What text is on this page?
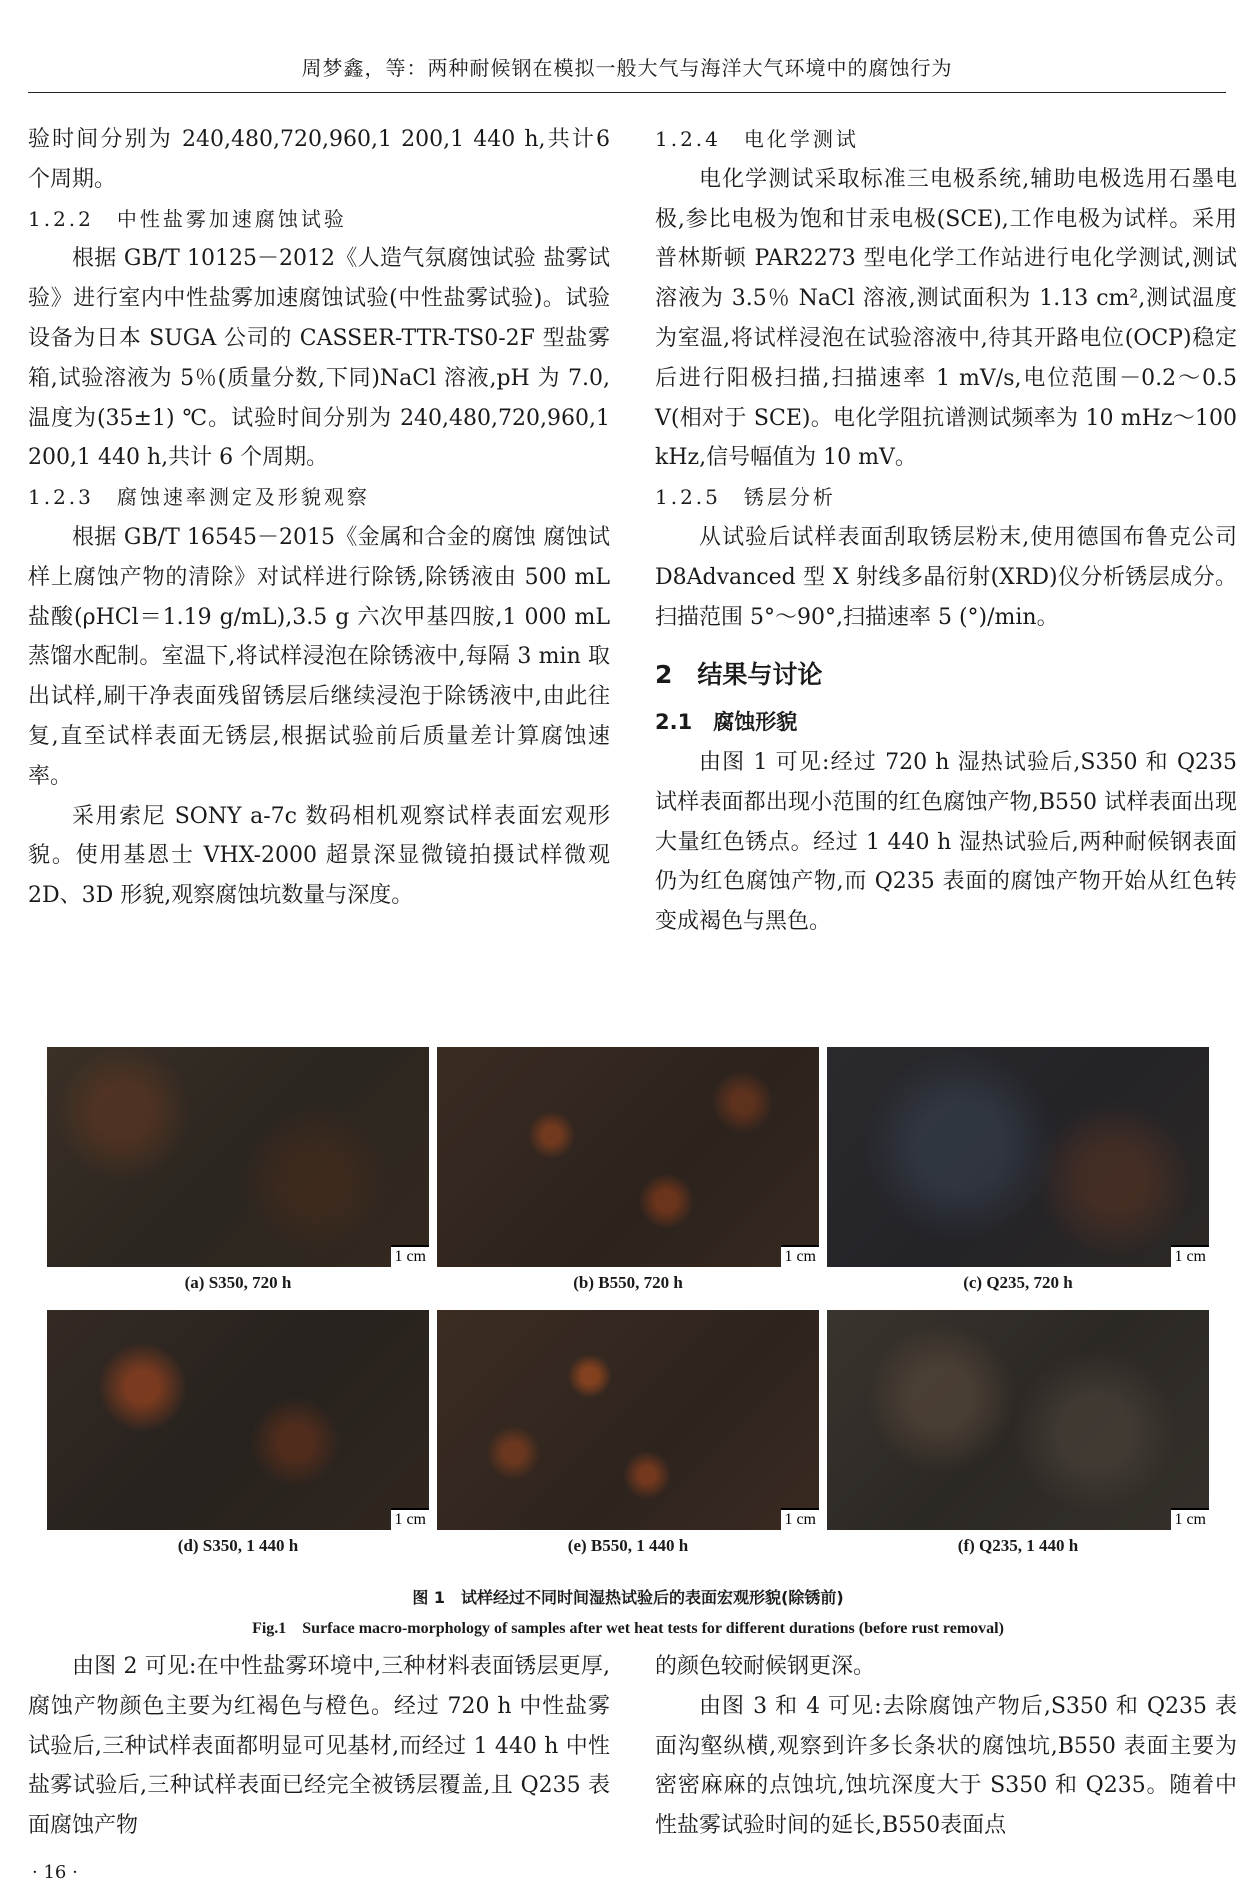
周梦鑫，等：两种耐候钢在模拟一般大气与海洋大气环境中的腐蚀行为

验时间分别为 240,480,720,960,1 200,1 440 h,共计6 个周期。

1.2.2　中性盐雾加速腐蚀试验

根据 GB/T 10125－2012《人造气氛腐蚀试验 盐雾试验》进行室内中性盐雾加速腐蚀试验(中性盐雾试验)。试验设备为日本 SUGA 公司的 CASSER-TTR-TS0-2F 型盐雾箱,试验溶液为 5％(质量分数,下同)NaCl 溶液,pH 为 7.0,温度为(35±1) ℃。试验时间分别为 240,480,720,960,1 200,1 440 h,共计 6 个周期。

1.2.3　腐蚀速率测定及形貌观察

根据 GB/T 16545－2015《金属和合金的腐蚀 腐蚀试样上腐蚀产物的清除》对试样进行除锈,除锈液由 500 mL 盐酸(ρHCl＝1.19 g/mL),3.5 g 六次甲基四胺,1 000 mL 蒸馏水配制。室温下,将试样浸泡在除锈液中,每隔 3 min 取出试样,刷干净表面残留锈层后继续浸泡于除锈液中,由此往复,直至试样表面无锈层,根据试验前后质量差计算腐蚀速率。

采用索尼 SONY a-7c 数码相机观察试样表面宏观形貌。使用基恩士 VHX-2000 超景深显微镜拍摄试样微观 2D、3D 形貌,观察腐蚀坑数量与深度。

1.2.4　电化学测试

电化学测试采取标准三电极系统,辅助电极选用石墨电极,参比电极为饱和甘汞电极(SCE),工作电极为试样。采用普林斯顿 PAR2273 型电化学工作站进行电化学测试,测试溶液为 3.5％ NaCl 溶液,测试面积为 1.13 cm²,测试温度为室温,将试样浸泡在试验溶液中,待其开路电位(OCP)稳定后进行阳极扫描,扫描速率 1 mV/s,电位范围－0.2～0.5 V(相对于 SCE)。电化学阻抗谱测试频率为 10 mHz～100 kHz,信号幅值为 10 mV。

1.2.5　锈层分析

从试验后试样表面刮取锈层粉末,使用德国布鲁克公司 D8Advanced 型 X 射线多晶衍射(XRD)仪分析锈层成分。扫描范围 5°～90°,扫描速率 5 (°)/min。

2　结果与讨论

2.1　腐蚀形貌

由图 1 可见:经过 720 h 湿热试验后,S350 和 Q235 试样表面都出现小范围的红色腐蚀产物,B550 试样表面出现大量红色锈点。经过 1 440 h 湿热试验后,两种耐候钢表面仍为红色腐蚀产物,而 Q235 表面的腐蚀产物开始从红色转变成褐色与黑色。

1 cm
(a) S350, 720 h
1 cm
(b) B550, 720 h
1 cm
(c) Q235, 720 h
1 cm
(d) S350, 1 440 h
1 cm
(e) B550, 1 440 h
1 cm
(f) Q235, 1 440 h
图 1　试样经过不同时间湿热试验后的表面宏观形貌(除锈前)
Fig.1　Surface macro-morphology of samples after wet heat tests for different durations (before rust removal)

由图 2 可见:在中性盐雾环境中,三种材料表面锈层更厚,腐蚀产物颜色主要为红褐色与橙色。经过 720 h 中性盐雾试验后,三种试样表面都明显可见基材,而经过 1 440 h 中性盐雾试验后,三种试样表面已经完全被锈层覆盖,且 Q235 表面腐蚀产物

的颜色较耐候钢更深。

由图 3 和 4 可见:去除腐蚀产物后,S350 和 Q235 表面沟壑纵横,观察到许多长条状的腐蚀坑,B550 表面主要为密密麻麻的点蚀坑,蚀坑深度大于 S350 和 Q235。随着中性盐雾试验时间的延长,B550表面点

· 16 ·
